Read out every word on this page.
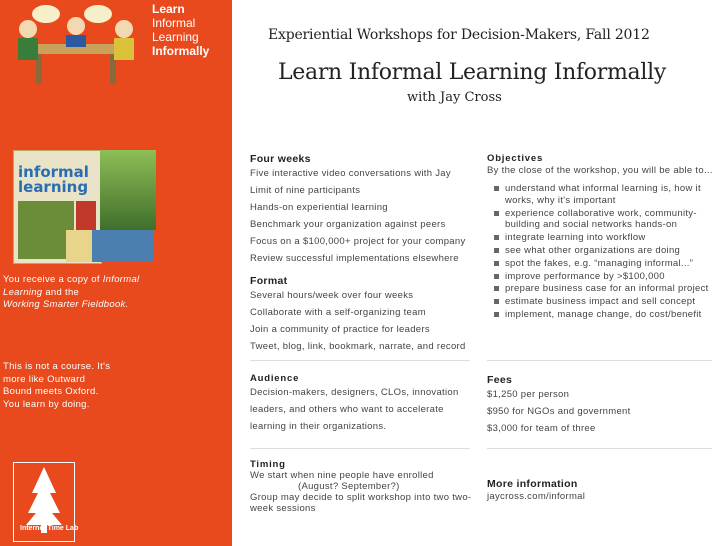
Learn
Informal
Learning
Informally
Experiential Workshops for Decision-Makers, Fall 2012
Learn Informal Learning Informally
with Jay Cross
informal
learning
You receive a copy of Informal
Learning and the
Working Smarter Fieldbook.
This is not a course. It's
more like Outward
Bound meets Oxford.
You learn by doing.
Internet Time Lab
Four weeks
Five interactive video conversations with Jay
Limit of nine participants
Hands-on experiential learning
Benchmark your organization against peers
Focus on a $100,000+ project for your company
Review successful implementations elsewhere
Format
Several hours/week over four weeks
Collaborate with a self-organizing team
Join a community of practice for leaders
Tweet, blog, link, bookmark, narrate, and record
Audience
Decision-makers, designers, CLOs, innovation
leaders, and others who want to accelerate
learning in their organizations.
Timing
We start when nine people have enrolled
(August? September?)
Group may decide to split workshop into two two-
week sessions
Objectives
By the close of the workshop, you will be able to...
understand what informal learning is, how it works, why it's important
experience collaborative work, community-building and social networks hands-on
integrate learning into workflow
see what other organizations are doing
spot the fakes, e.g. “managing informal...”
improve performance by >$100,000
prepare business case for an informal project
estimate business impact and sell concept
implement, manage change, do cost/benefit
Fees
$1,250 per person
$950 for NGOs and government
$3,000 for team of three
More information
jaycross.com/informal
